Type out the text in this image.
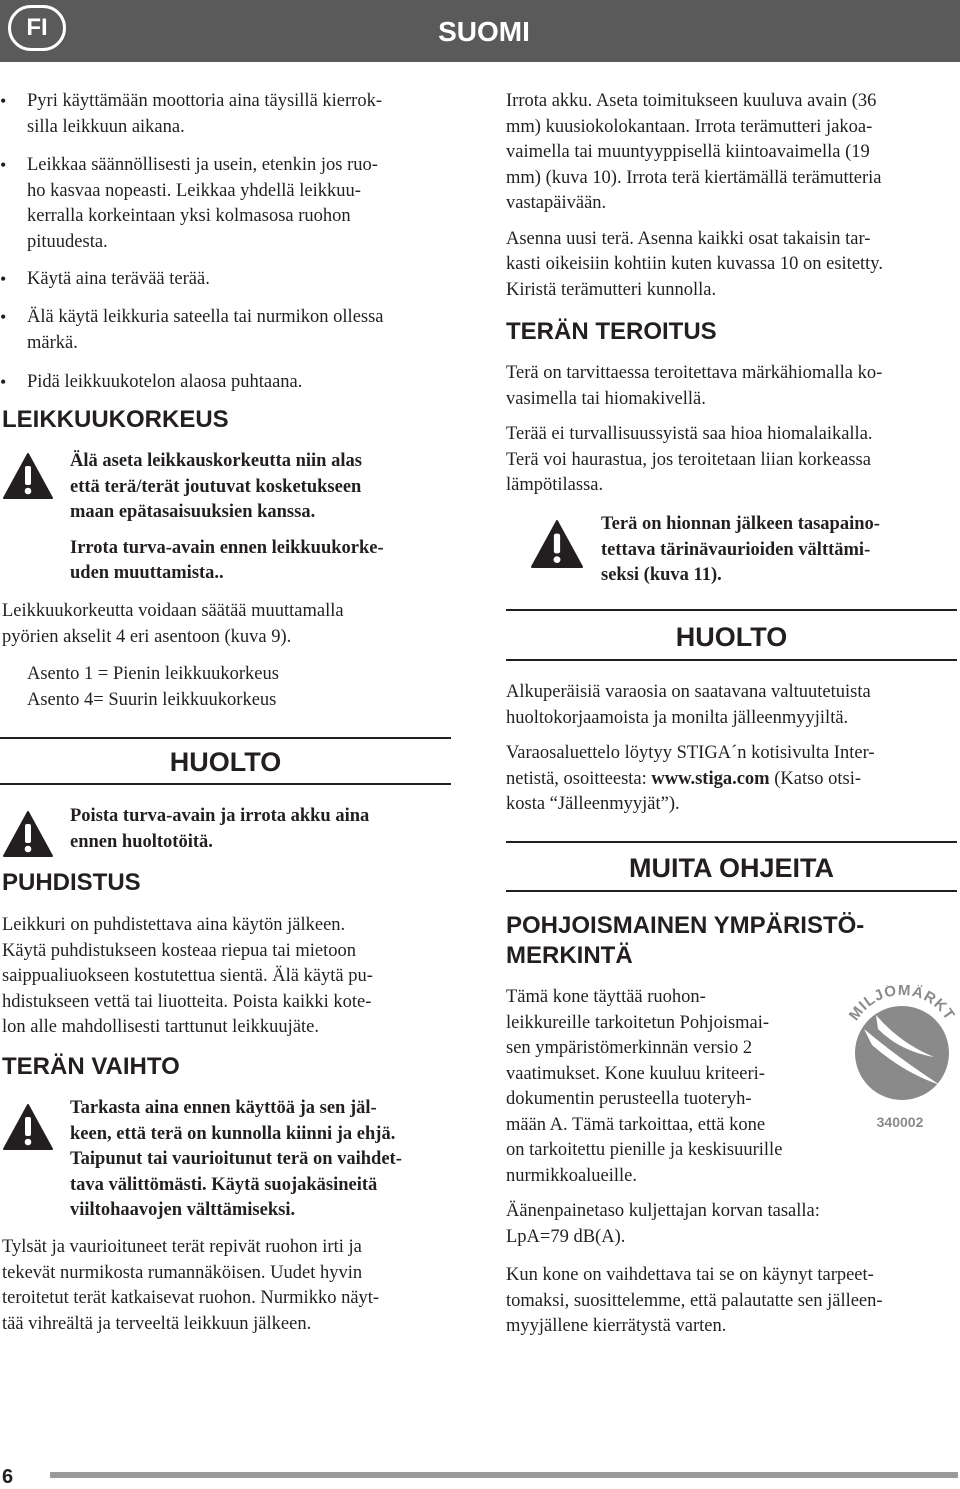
FI	SUOMI
• Pyri käyttämään moottoria aina täysillä kierrok-

silla leikkuun aikana.

• Leikkaa säännöllisesti ja usein, etenkin jos ruo-

ho kasvaa nopeasti. Leikkaa yhdellä leikkuu-

kerralla korkeintaan yksi kolmasosa ruohon

pituudesta.

• Käytä aina terävää terää.

• Älä käytä leikkuria sateella tai nurmikon ollessa

märkä.

• Pidä leikkuukotelon alaosa puhtaana.

LEIKKUUKORKEUS

Älä aseta leikkauskorkeutta niin alas

että terä/terät joutuvat kosketukseen

maan epätasaisuuksien kanssa.

Irrota turva-avain ennen leikkuukorke-

uden muuttamista..

Leikkuukorkeutta voidaan säätää muuttamalla

pyörien akselit 4 eri asentoon (kuva 9).

Asento 1 = Pienin leikkuukorkeus

Asento 4= Suurin leikkuukorkeus

HUOLTO

Poista turva-avain ja irrota akku aina

ennen huoltotöitä.

PUHDISTUS

Leikkuri on puhdistettava aina käytön jälkeen.

Käytä puhdistukseen kosteaa riepua tai mietoon

saippualiuokseen kostutettua sientä. Älä käytä pu-

hdistukseen vettä tai liuotteita. Poista kaikki kote-

lon alle mahdollisesti tarttunut leikkuujäte.

TERÄN VAIHTO

Tarkasta aina ennen käyttöä ja sen jäl-

keen, että terä on kunnolla kiinni ja ehjä.

Taipunut tai vaurioitunut terä on vaihdet-

tava välittömästi. Käytä suojakäsineitä

viiltohaavojen välttämiseksi.

Tylsät ja vaurioituneet terät repivät ruohon irti ja

tekevät nurmikosta rumannäköisen. Uudet hyvin

teroitetut terät katkaisevat ruohon. Nurmikko näyt-

tää vihreältä ja terveeltä leikkuun jälkeen.

Irrota akku. Aseta toimitukseen kuuluva avain (36

mm) kuusiokolokantaan. Irrota terämutteri jakoa-

vaimella tai muuntyyppisellä kiintoavaimella (19

mm) (kuva 10). Irrota terä kiertämällä terämutteria

vastapäivään.

Asenna uusi terä. Asenna kaikki osat takaisin tar-

kasti oikeisiin kohtiin kuten kuvassa 10 on esitetty.

Kiristä terämutteri kunnolla.

TERÄN TEROITUS

Terä on tarvittaessa teroitettava märkähiomalla ko-

vasimella tai hiomakivellä.

Terää ei turvallisuussyistä saa hioa hiomalaikalla.

Terä voi haurastua, jos teroitetaan liian korkeassa

lämpötilassa.

Terä on hionnan jälkeen tasapaino-

tettava tärinävaurioiden välttämi-

seksi (kuva 11).

HUOLTO

Alkuperäisiä varaosia on saatavana valtuutetuista

huoltokorjaamoista ja monilta jälleenmyyjiltä.

Varaosaluettelo löytyy STIGA´n kotisivulta Inter-

netistä, osoitteesta: www.stiga.com (Katso otsi-

kosta “Jälleenmyyjät”).

MUITA OHJEITA
POHJOISMAINEN YMPÄRISTÖ-
MERKINTÄ

Tämä kone täyttää ruohon-

leikkureille tarkoitetun Pohjoismai-

sen ympäristömerkinnän versio 2

vaatimukset. Kone kuuluu kriteeri-

dokumentin perusteella tuoteryh-

mään A. Tämä tarkoittaa, että kone

on tarkoitettu pienille ja keskisuurille

nurmikkoalueille.

MILJÖMÄRKT
340002

Äänenpainetaso kuljettajan korvan tasalla:

LpA=79 dB(A).

Kun kone on vaihdettava tai se on käynyt tarpeet-

tomaksi, suosittelemme, että palautatte sen jälleen-

myyjällene kierrätystä varten.

6
